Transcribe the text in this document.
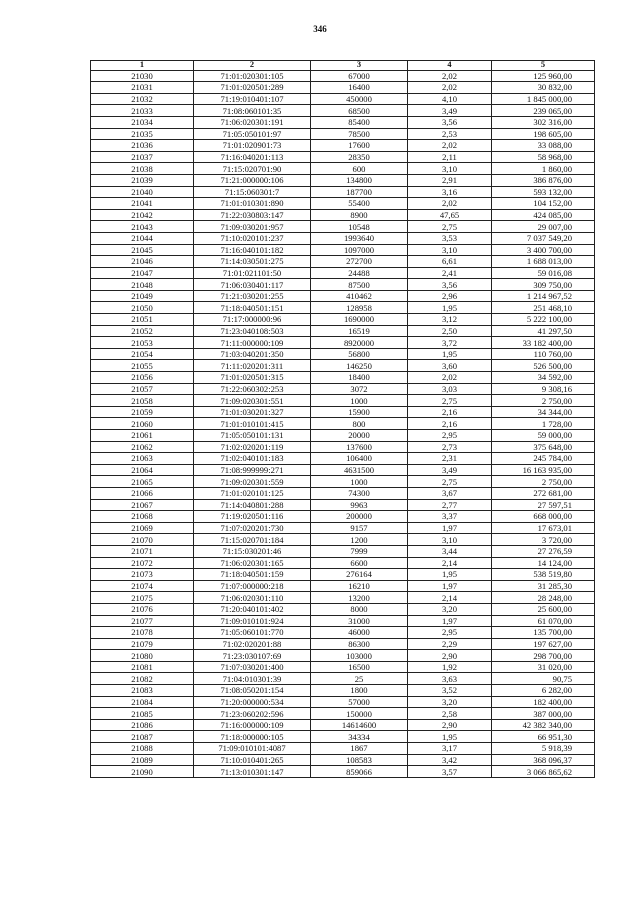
346
1	2	3	4	5
21030	71:01:020301:105	67000	2,02	125 960,00
21031	71:01:020501:289	16400	2,02	30 832,00
21032	71:19:010401:107	450000	4,10	1 845 000,00
21033	71:08:060101:35	68500	3,49	239 065,00
21034	71:06:020301:191	85400	3,56	302 316,00
21035	71:05:050101:97	78500	2,53	198 605,00
21036	71:01:020901:73	17600	2,02	33 088,00
21037	71:16:040201:113	28350	2,11	58 968,00
21038	71:15:020701:90	600	3,10	1 860,00
21039	71:21:000000:106	134800	2,91	386 876,00
21040	71:15:060301:7	187700	3,16	593 132,00
21041	71:01:010301:890	55400	2,02	104 152,00
21042	71:22:030803:147	8900	47,65	424 085,00
21043	71:09:030201:957	10548	2,75	29 007,00
21044	71:10:020101:237	1993640	3,53	7 037 549,20
21045	71:16:040101:182	1097000	3,10	3 400 700,00
21046	71:14:030501:275	272700	6,61	1 688 013,00
21047	71:01:021101:50	24488	2,41	59 016,08
21048	71:06:030401:117	87500	3,56	309 750,00
21049	71:21:030201:255	410462	2,96	1 214 967,52
21050	71:18:040501:151	128958	1,95	251 468,10
21051	71:17:000000:96	1690000	3,12	5 222 100,00
21052	71:23:040108:503	16519	2,50	41 297,50
21053	71:11:000000:109	8920000	3,72	33 182 400,00
21054	71:03:040201:350	56800	1,95	110 760,00
21055	71:11:020201:311	146250	3,60	526 500,00
21056	71:01:020501:315	18400	2,02	34 592,00
21057	71:22:060302:253	3072	3,03	9 308,16
21058	71:09:020301:551	1000	2,75	2 750,00
21059	71:01:030201:327	15900	2,16	34 344,00
21060	71:01:010101:415	800	2,16	1 728,00
21061	71:05:050101:131	20000	2,95	59 000,00
21062	71:02:020201:119	137600	2,73	375 648,00
21063	71:02:040101:183	106400	2,31	245 784,00
21064	71:08:999999:271	4631500	3,49	16 163 935,00
21065	71:09:020301:559	1000	2,75	2 750,00
21066	71:01:020101:125	74300	3,67	272 681,00
21067	71:14:040801:288	9963	2,77	27 597,51
21068	71:19:020501:116	200000	3,37	668 000,00
21069	71:07:020201:730	9157	1,97	17 673,01
21070	71:15:020701:184	1200	3,10	3 720,00
21071	71:15:030201:46	7999	3,44	27 276,59
21072	71:06:020301:165	6600	2,14	14 124,00
21073	71:18:040501:159	276164	1,95	538 519,80
21074	71:07:000000:218	16210	1,97	31 285,30
21075	71:06:020301:110	13200	2,14	28 248,00
21076	71:20:040101:402	8000	3,20	25 600,00
21077	71:09:010101:924	31000	1,97	61 070,00
21078	71:05:060101:770	46000	2,95	135 700,00
21079	71:02:020201:88	86300	2,29	197 627,00
21080	71:23:030107:69	103000	2,90	298 700,00
21081	71:07:030201:400	16500	1,92	31 020,00
21082	71:04:010301:39	25	3,63	90,75
21083	71:08:050201:154	1800	3,52	6 282,00
21084	71:20:000000:534	57000	3,20	182 400,00
21085	71:23:060202:596	150000	2,58	387 000,00
21086	71:16:000000:109	14614600	2,90	42 382 340,00
21087	71:18:000000:105	34334	1,95	66 951,30
21088	71:09:010101:4087	1867	3,17	5 918,39
21089	71:10:010401:265	108583	3,42	368 096,37
21090	71:13:010301:147	859066	3,57	3 066 865,62
